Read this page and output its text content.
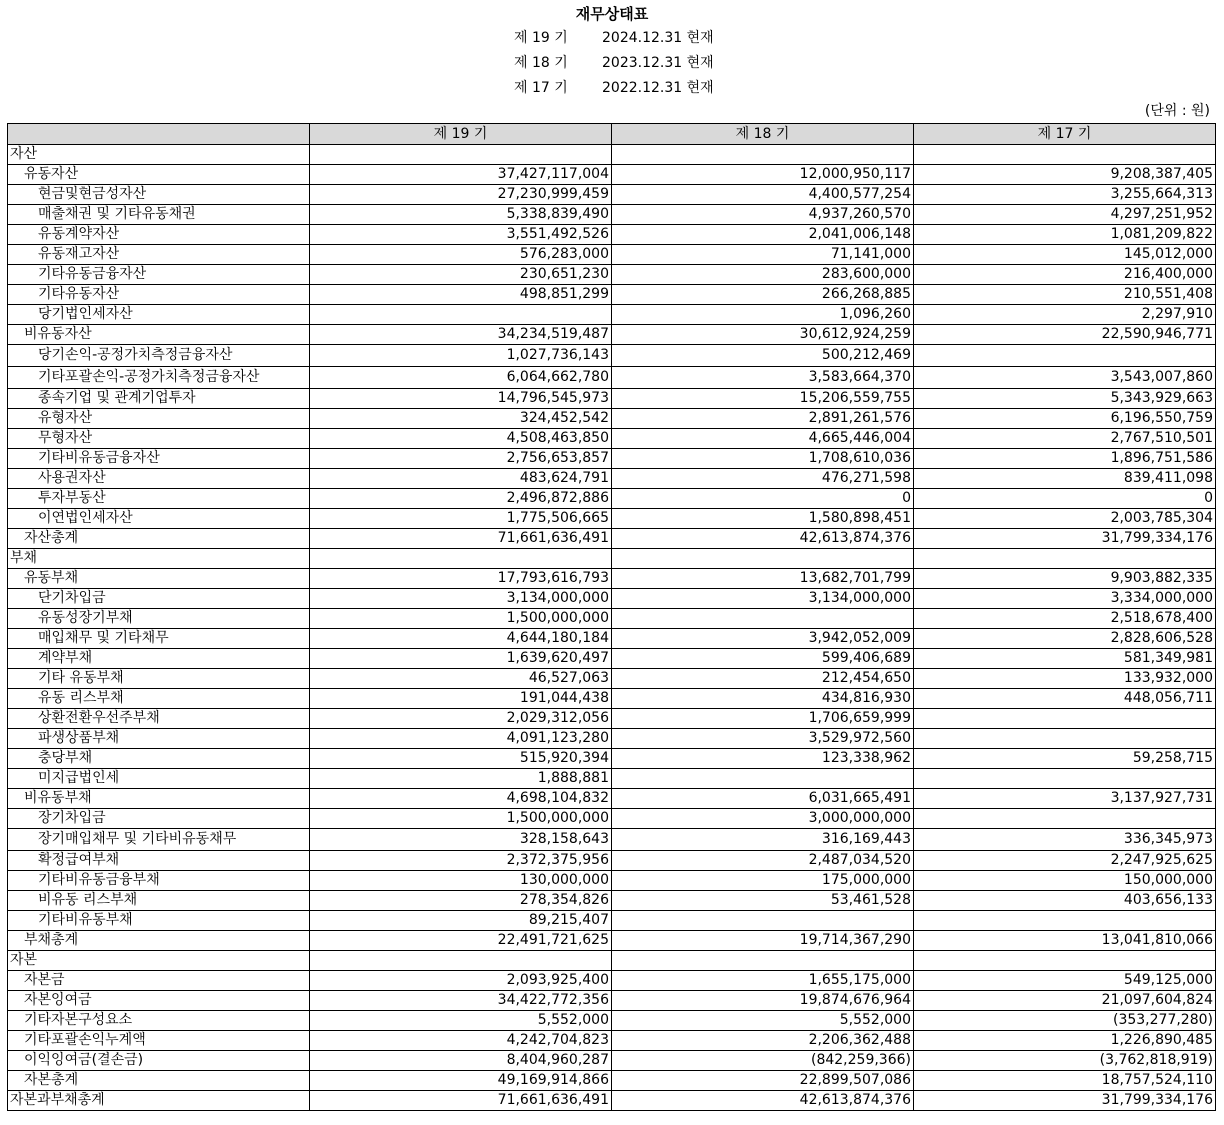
재무상태표
제 19 기 2024.12.31 현재
제 18 기 2023.12.31 현재
제 17 기 2022.12.31 현재
(단위 : 원)
	제 19 기	제 18 기	제 17 기
자산			
유동자산	37,427,117,004	12,000,950,117	9,208,387,405
현금및현금성자산	27,230,999,459	4,400,577,254	3,255,664,313
매출채권 및 기타유동채권	5,338,839,490	4,937,260,570	4,297,251,952
유동계약자산	3,551,492,526	2,041,006,148	1,081,209,822
유동재고자산	576,283,000	71,141,000	145,012,000
기타유동금융자산	230,651,230	283,600,000	216,400,000
기타유동자산	498,851,299	266,268,885	210,551,408
당기법인세자산		1,096,260	2,297,910
비유동자산	34,234,519,487	30,612,924,259	22,590,946,771
당기손익-공정가치측정금융자산	1,027,736,143	500,212,469	
기타포괄손익-공정가치측정금융자산	6,064,662,780	3,583,664,370	3,543,007,860
종속기업 및 관계기업투자	14,796,545,973	15,206,559,755	5,343,929,663
유형자산	324,452,542	2,891,261,576	6,196,550,759
무형자산	4,508,463,850	4,665,446,004	2,767,510,501
기타비유동금융자산	2,756,653,857	1,708,610,036	1,896,751,586
사용권자산	483,624,791	476,271,598	839,411,098
투자부동산	2,496,872,886	0	0
이연법인세자산	1,775,506,665	1,580,898,451	2,003,785,304
자산총계	71,661,636,491	42,613,874,376	31,799,334,176
부채			
유동부채	17,793,616,793	13,682,701,799	9,903,882,335
단기차입금	3,134,000,000	3,134,000,000	3,334,000,000
유동성장기부채	1,500,000,000		2,518,678,400
매입채무 및 기타채무	4,644,180,184	3,942,052,009	2,828,606,528
계약부채	1,639,620,497	599,406,689	581,349,981
기타 유동부채	46,527,063	212,454,650	133,932,000
유동 리스부채	191,044,438	434,816,930	448,056,711
상환전환우선주부채	2,029,312,056	1,706,659,999	
파생상품부채	4,091,123,280	3,529,972,560	
충당부채	515,920,394	123,338,962	59,258,715
미지급법인세	1,888,881		
비유동부채	4,698,104,832	6,031,665,491	3,137,927,731
장기차입금	1,500,000,000	3,000,000,000	
장기매입채무 및 기타비유동채무	328,158,643	316,169,443	336,345,973
확정급여부채	2,372,375,956	2,487,034,520	2,247,925,625
기타비유동금융부채	130,000,000	175,000,000	150,000,000
비유동 리스부채	278,354,826	53,461,528	403,656,133
기타비유동부채	89,215,407		
부채총계	22,491,721,625	19,714,367,290	13,041,810,066
자본			
자본금	2,093,925,400	1,655,175,000	549,125,000
자본잉여금	34,422,772,356	19,874,676,964	21,097,604,824
기타자본구성요소	5,552,000	5,552,000	(353,277,280)
기타포괄손익누계액	4,242,704,823	2,206,362,488	1,226,890,485
이익잉여금(결손금)	8,404,960,287	(842,259,366)	(3,762,818,919)
자본총계	49,169,914,866	22,899,507,086	18,757,524,110
자본과부채총계	71,661,636,491	42,613,874,376	31,799,334,176
